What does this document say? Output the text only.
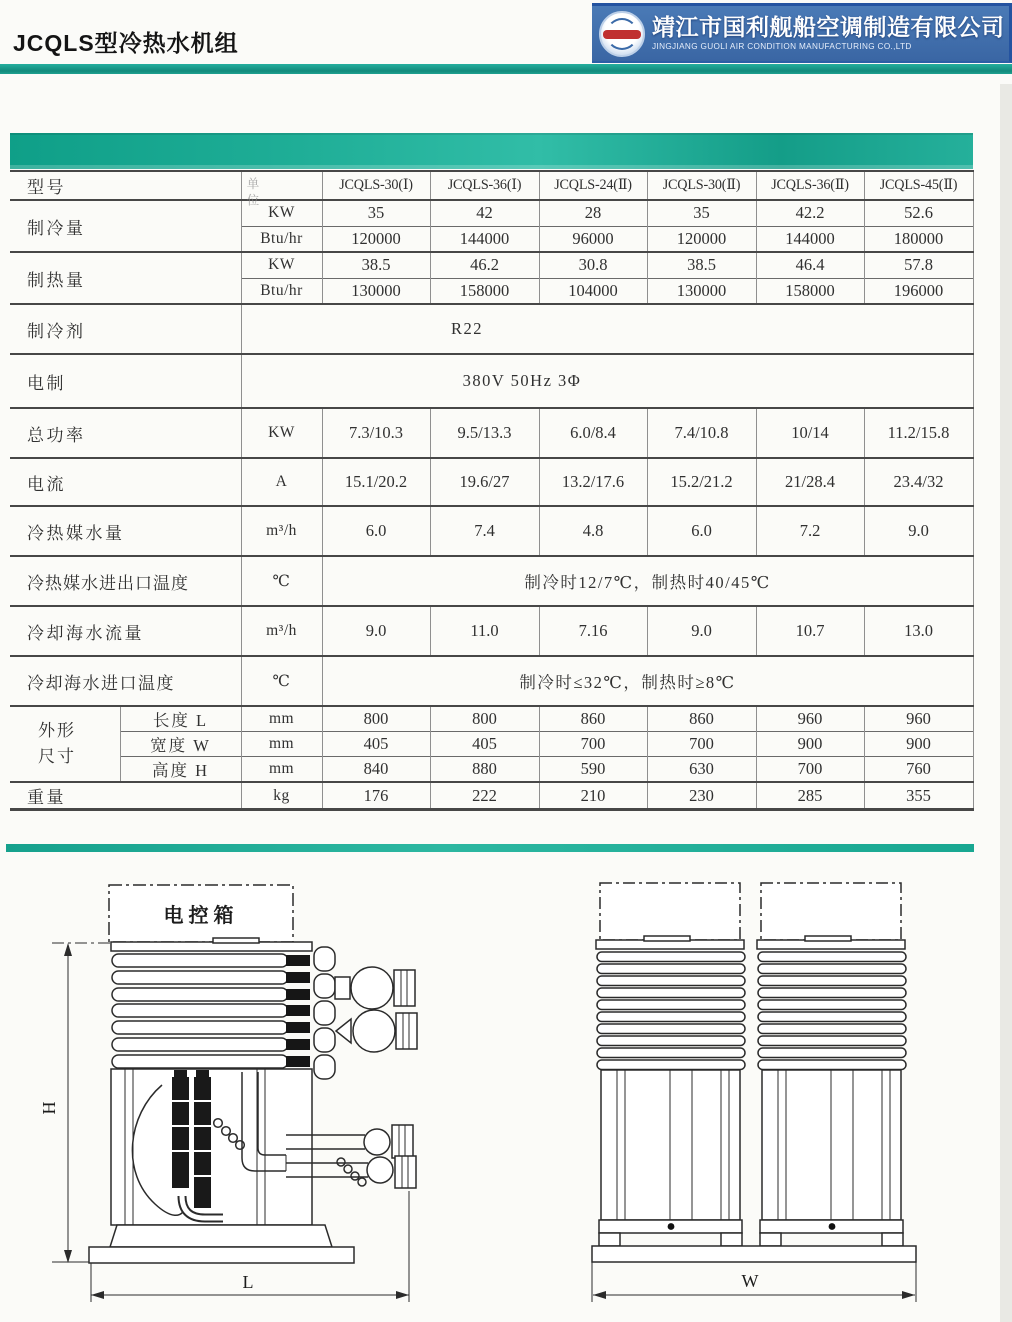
JCQLS型冷热水机组
靖江市国利舰船空调制造有限公司
JINGJIANG GUOLI AIR CONDITION MANUFACTURING CO.,LTD
型号			JCQLS-30(Ⅰ)	JCQLS-36(Ⅰ)	JCQLS-24(Ⅱ)	JCQLS-30(Ⅱ)	JCQLS-36(Ⅱ)	JCQLS-45(Ⅱ)
制冷量		KW	35	42	28	35	42.2	52.6
		Btu/hr	120000	144000	96000	120000	144000	180000
制热量		KW	38.5	46.2	30.8	38.5	46.4	57.8
		Btu/hr	130000	158000	104000	130000	158000	196000
制冷剂		R22						
电制		380V 50Hz 3Φ						
总功率		KW	7.3/10.3	9.5/13.3	6.0/8.4	7.4/10.8	10/14	11.2/15.8
电流		A	15.1/20.2	19.6/27	13.2/17.6	15.2/21.2	21/28.4	23.4/32
冷热媒水量		m³/h	6.0	7.4	4.8	6.0	7.2	9.0
冷热媒水进出口温度		℃	制冷时12/7℃，制热时40/45℃					
冷却海水流量		m³/h	9.0	11.0	7.16	9.0	10.7	13.0
冷却海水进口温度		℃	制冷时≤32℃，制热时≥8℃					

外形尺寸	长度 L	mm	800	800	860	860	960	960
	宽度 W	mm	405	405	700	700	900	900
	高度 H	mm	840	880	590	630	700	760
重量		kg	176	222	210	230	285	355
单位
H
电控箱
L	W
